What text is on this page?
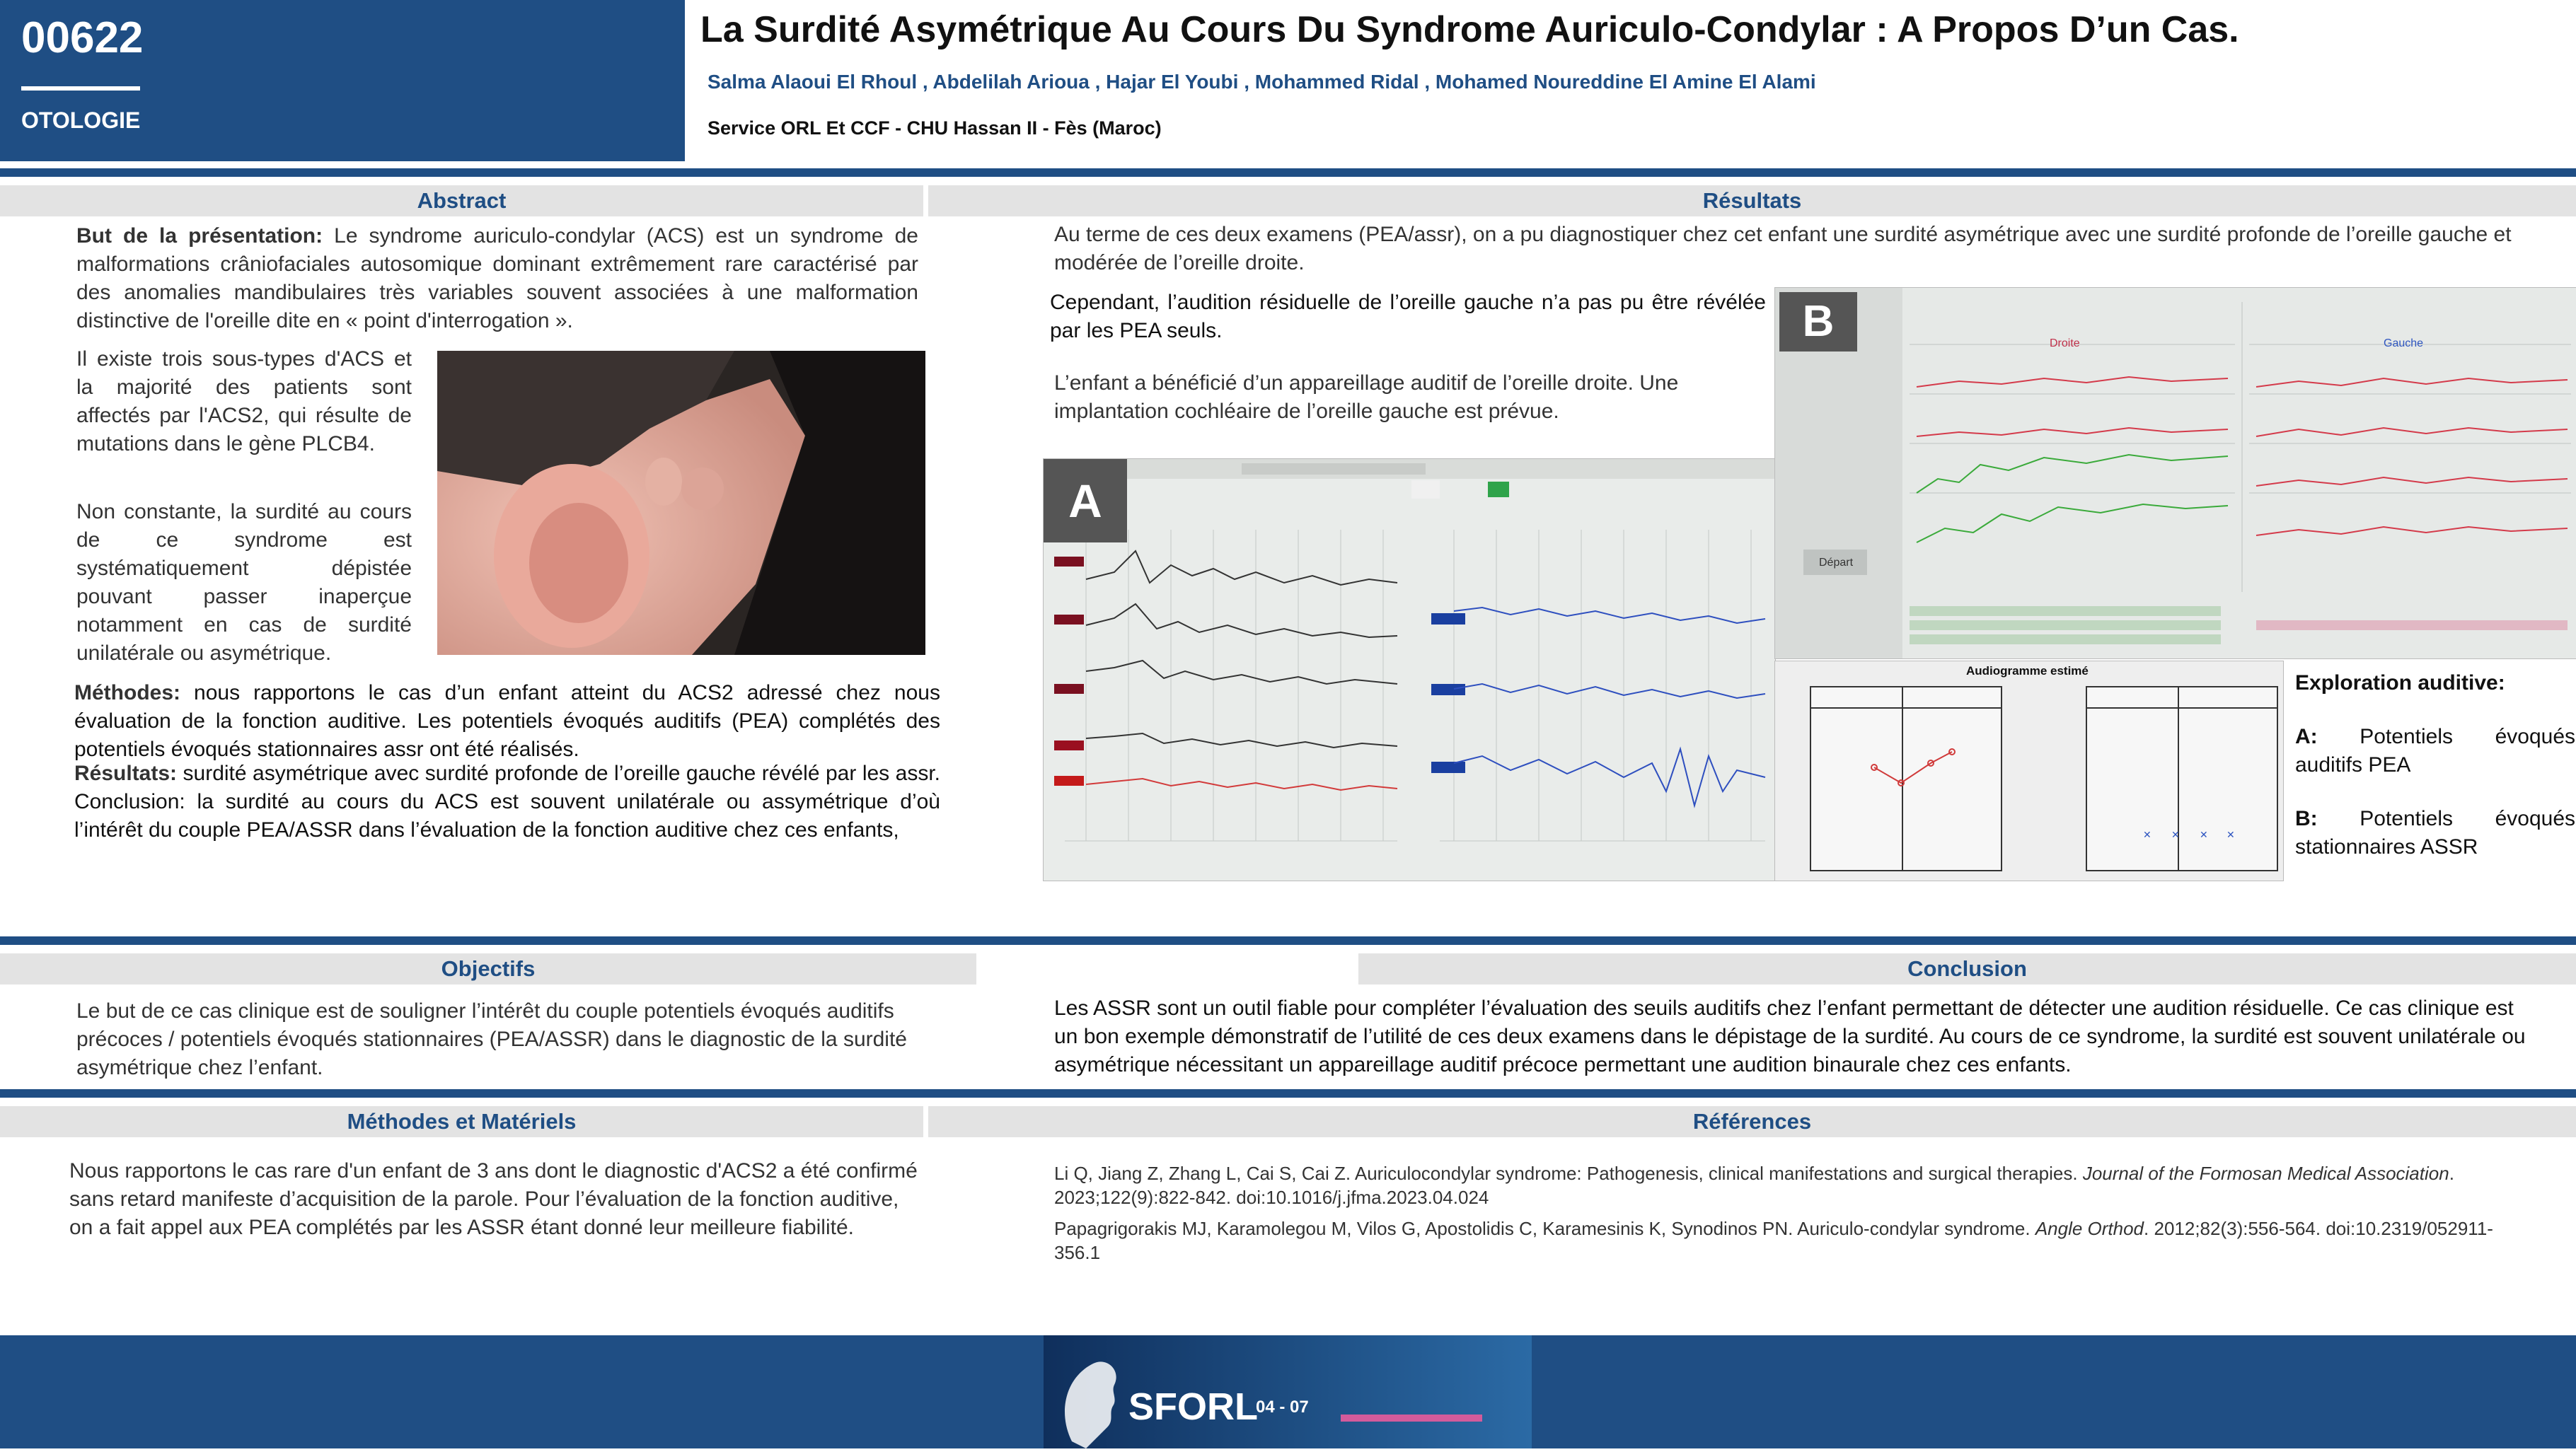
00622
OTOLOGIE
La Surdité Asymétrique Au Cours Du Syndrome Auriculo-Condylar : A Propos D’un Cas.
Salma Alaoui El Rhoul , Abdelilah Arioua , Hajar El Youbi , Mohammed Ridal , Mohamed Noureddine El Amine El Alami
Service ORL Et CCF - CHU Hassan II - Fès (Maroc)
Abstract	Résultats
But de la présentation: Le syndrome auriculo-condylar (ACS) est un syndrome de malformations crâniofaciales autosomique dominant extrêmement rare caractérisé par des anomalies mandibulaires très variables souvent associées à une malformation distinctive de l'oreille dite en « point d'interrogation ».
Il existe trois sous-types d'ACS et la majorité des patients sont affectés par l'ACS2, qui résulte de mutations dans le gène PLCB4.
Non constante, la surdité au cours de ce syndrome est systématiquement dépistée pouvant passer inaperçue notamment en cas de surdité unilatérale ou asymétrique.
Méthodes: nous rapportons le cas d’un enfant atteint du ACS2 adressé chez nous évaluation de la fonction auditive. Les potentiels évoqués auditifs (PEA) complétés des potentiels évoqués stationnaires assr ont été réalisés.
Résultats: surdité asymétrique avec surdité profonde de l’oreille gauche révélé par les assr. Conclusion: la surdité au cours du ACS est souvent unilatérale ou assymétrique d’où l’intérêt du couple PEA/ASSR dans l’évaluation de la fonction auditive chez ces enfants,
Au terme de ces deux examens (PEA/assr), on a pu diagnostiquer chez cet enfant une surdité asymétrique avec une surdité profonde de l’oreille gauche et modérée de l’oreille droite.
Cependant, l’audition résiduelle de l’oreille gauche n’a pas pu être révélée par les PEA seuls.
L’enfant a bénéficié d’un appareillage auditif de l’oreille droite. Une implantation cochléaire de l’oreille gauche est prévue.
A
Droite	Gauche
Départ
B
Audiogramme estimé
✕ ✕ ✕ ✕
Exploration auditive:
A: Potentiels évoqués auditifs PEA
B: Potentiels évoqués stationnaires ASSR
Objectifs	Conclusion
Le but de ce cas clinique est de souligner l’intérêt du couple potentiels évoqués auditifs précoces / potentiels évoqués stationnaires (PEA/ASSR) dans le diagnostic de la surdité asymétrique chez l’enfant.
Les ASSR sont un outil fiable pour compléter l’évaluation des seuils auditifs chez l’enfant permettant de détecter une audition résiduelle. Ce cas clinique est un bon exemple démonstratif de l’utilité de ces deux examens dans le dépistage de la surdité. Au cours de ce syndrome, la surdité est souvent unilatérale ou asymétrique nécessitant un appareillage auditif précoce permettant une audition binaurale chez ces enfants.
Méthodes et Matériels	Références
Nous rapportons le cas rare d'un enfant de 3 ans dont le diagnostic d'ACS2 a été confirmé sans retard manifeste d’acquisition de la parole. Pour l’évaluation de la fonction auditive, on a fait appel aux PEA complétés par les ASSR étant donné leur meilleure fiabilité.
Li Q, Jiang Z, Zhang L, Cai S, Cai Z. Auriculocondylar syndrome: Pathogenesis, clinical manifestations and surgical therapies. Journal of the Formosan Medical Association. 2023;122(9):822-842. doi:10.1016/j.jfma.2023.04.024
Papagrigorakis MJ, Karamolegou M, Vilos G, Apostolidis C, Karamesinis K, Synodinos PN. Auriculo-condylar syndrome. Angle Orthod. 2012;82(3):556-564. doi:10.2319/052911-356.1
SFORL
04 - 07
